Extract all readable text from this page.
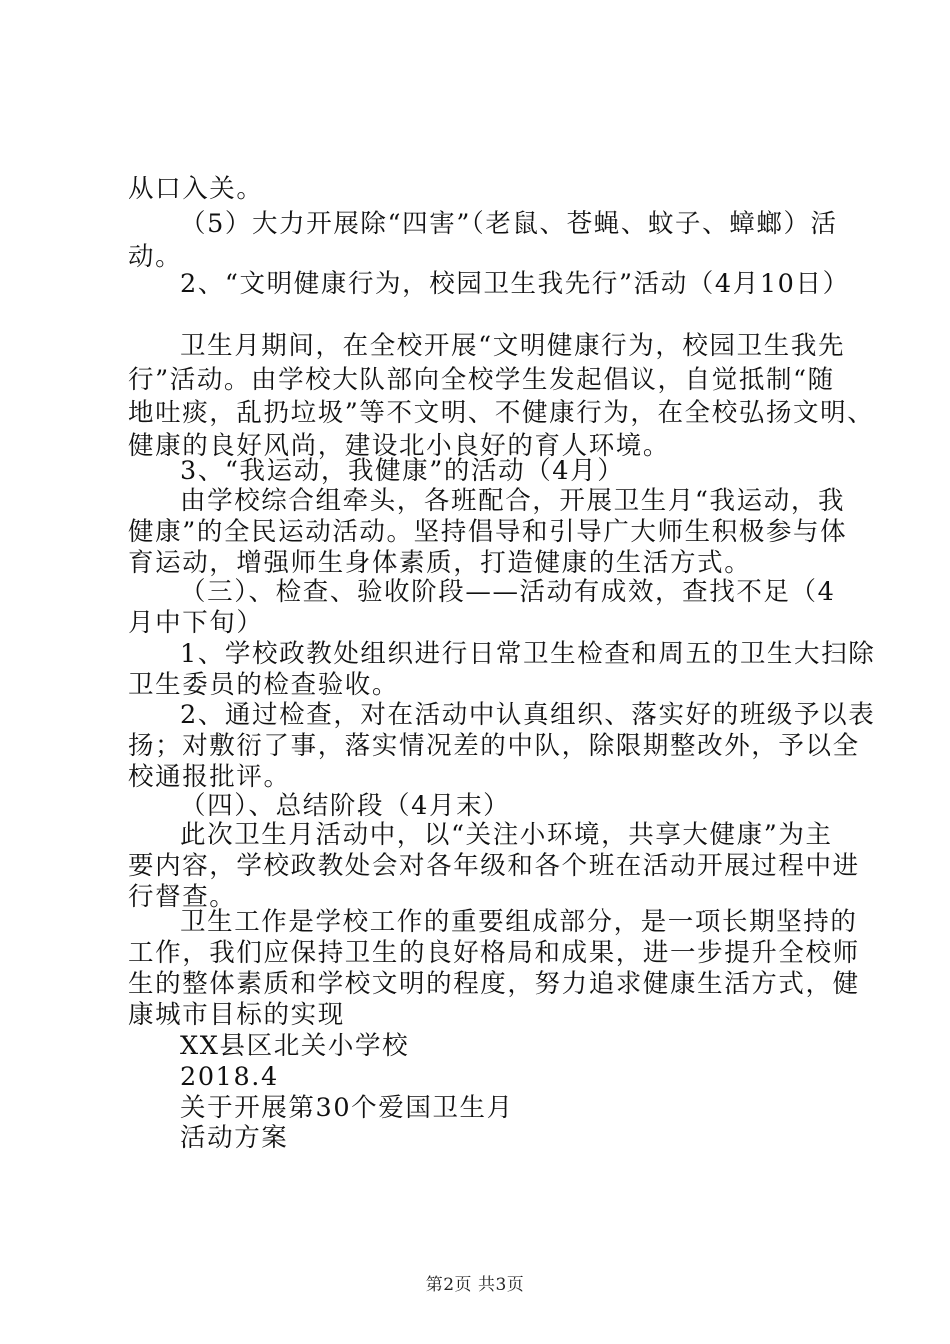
从口入关。
（5）大力开展除“四害”（老鼠、苍蝇、蚊子、蟑螂）活
动。
2、“文明健康行为，校园卫生我先行”活动（4月10日）
卫生月期间，在全校开展“文明健康行为，校园卫生我先
行”活动。由学校大队部向全校学生发起倡议，自觉抵制“随
地吐痰，乱扔垃圾”等不文明、不健康行为，在全校弘扬文明、
健康的良好风尚，建设北小良好的育人环境。
3、“我运动，我健康”的活动（4月）
由学校综合组牵头，各班配合，开展卫生月“我运动，我
健康”的全民运动活动。坚持倡导和引导广大师生积极参与体
育运动，增强师生身体素质，打造健康的生活方式。
（三）、检查、验收阶段——活动有成效，查找不足（4
月中下旬）
1、学校政教处组织进行日常卫生检查和周五的卫生大扫除
卫生委员的检查验收。
2、通过检查，对在活动中认真组织、落实好的班级予以表
扬；对敷衍了事，落实情况差的中队，除限期整改外，予以全
校通报批评。
（四）、总结阶段（4月末）
此次卫生月活动中，以“关注小环境，共享大健康”为主
要内容，学校政教处会对各年级和各个班在活动开展过程中进
行督查。
卫生工作是学校工作的重要组成部分，是一项长期坚持的
工作，我们应保持卫生的良好格局和成果，进一步提升全校师
生的整体素质和学校文明的程度，努力追求健康生活方式，健
康城市目标的实现
XX县区北关小学校
2018.4
关于开展第30个爱国卫生月
活动方案
第2页 共3页
